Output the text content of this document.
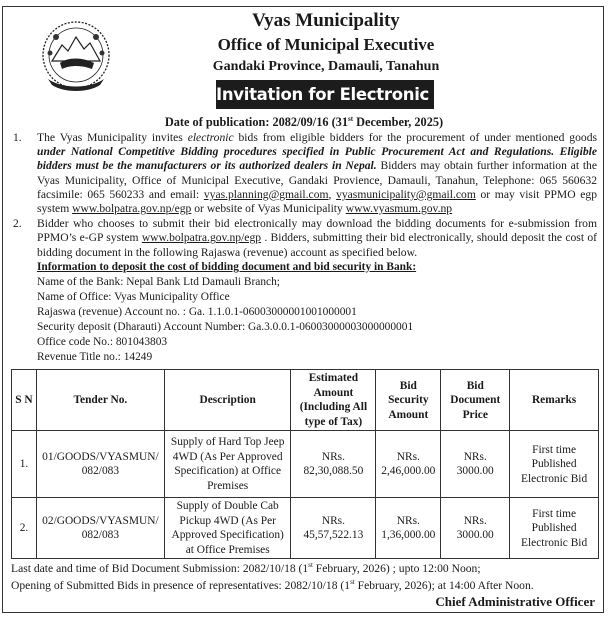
Vyas Municipality
Office of Municipal Executive
Gandaki Province, Damauli, Tanahun
Invitation for Electronic Bids
Date of publication: 2082/09/16 (31st December, 2025)
1.	The Vyas Municipality invites electronic bids from eligible bidders for the procurement of under mentioned goods under National Competitive Bidding procedures specified in Public Procurement Act and Regulations. Eligible bidders must be the manufacturers or its authorized dealers in Nepal. Bidders may obtain further information at the Vyas Municipality, Office of Municipal Executive, Gandaki Provience, Damauli, Tanahun, Telephone: 065 560632 facsimile: 065 560233 and email: vyas.planning@gmail.com, vyasmunicipality@gmail.com or may visit PPMO egp system www.bolpatra.gov.np/egp or website of Vyas Municipality www.vyasmum.gov.np
2.	Bidder who chooses to submit their bid electronically may download the bidding documents for e-submission from PPMO’s e-GP system www.bolpatra.gov.np/egp . Bidders, submitting their bid electronically, should deposit the cost of bidding document in the following Rajaswa (revenue) account as specified below.
Information to deposit the cost of bidding document and bid security in Bank:
Name of the Bank: Nepal Bank Ltd Damauli Branch;
Name of Office: Vyas Municipality Office
Rajaswa (revenue) Account no. : Ga. 1.1.0.1-06003000001001000001
Security deposit (Dharauti) Account Number: Ga.3.0.0.1-06003000003000000001
Office code No.: 801043803
Revenue Title no.: 14249
S N	Tender No.	Description	Estimated Amount (Including All type of Tax)	Bid Security Amount	Bid Document Price	Remarks
1.	01/GOODS/VYASMUN/ 082/083	Supply of Hard Top Jeep 4WD (As Per Approved Specification) at Office Premises	NRs. 82,30,088.50	NRs. 2,46,000.00	NRs. 3000.00	First time Published Electronic Bid
2.	02/GOODS/VYASMUN/ 082/083	Supply of Double Cab Pickup 4WD (As Per Approved Specification) at Office Premises	NRs. 45,57,522.13	NRs. 1,36,000.00	NRs. 3000.00	First time Published Electronic Bid
Last date and time of Bid Document Submission: 2082/10/18 (1st February, 2026) ; upto 12:00 Noon;
Opening of Submitted Bids in presence of representatives: 2082/10/18 (1st February, 2026); at 14:00 After Noon.
Chief Administrative Officer
